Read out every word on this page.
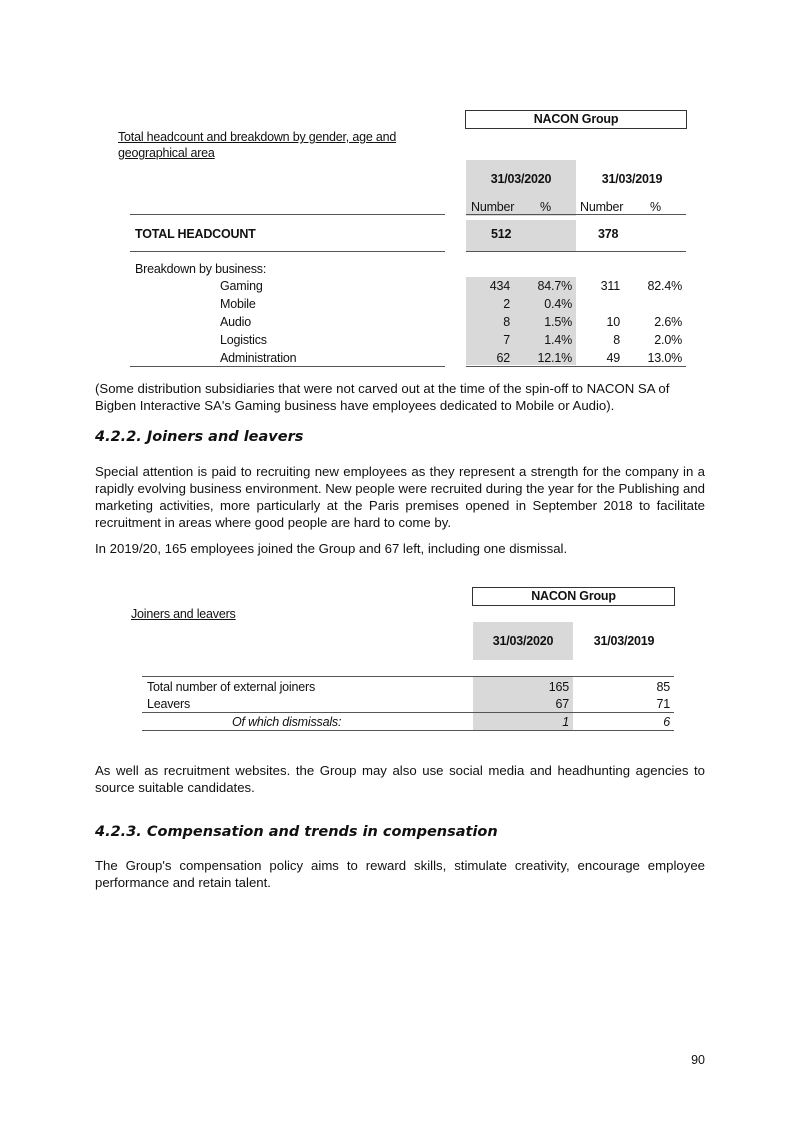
NACON Group
Total headcount and breakdown by gender, age and geographical area
31/03/2020	31/03/2019
Number % Number %
TOTAL HEADCOUNT	512	378
Breakdown by business:
Gaming	434	84.7%	311	82.4%
Mobile	2	0.4%
Audio	8	1.5%	10	2.6%
Logistics	7	1.4%	8	2.0%
Administration	62	12.1%	49	13.0%
(Some distribution subsidiaries that were not carved out at the time of the spin-off to NACON SA of Bigben Interactive SA's Gaming business have employees dedicated to Mobile or Audio).
4.2.2. Joiners and leavers
Special attention is paid to recruiting new employees as they represent a strength for the company in a rapidly evolving business environment. New people were recruited during the year for the Publishing and marketing activities, more particularly at the Paris premises opened in September 2018 to facilitate recruitment in areas where good people are hard to come by.
In 2019/20, 165 employees joined the Group and 67 left, including one dismissal.
NACON Group
Joiners and leavers
31/03/2020	31/03/2019
Total number of external joiners	165	85
Leavers	67	71
Of which dismissals:	1	6
As well as recruitment websites. the Group may also use social media and headhunting agencies to source suitable candidates.
4.2.3. Compensation and trends in compensation
The Group's compensation policy aims to reward skills, stimulate creativity, encourage employee performance and retain talent.
90
